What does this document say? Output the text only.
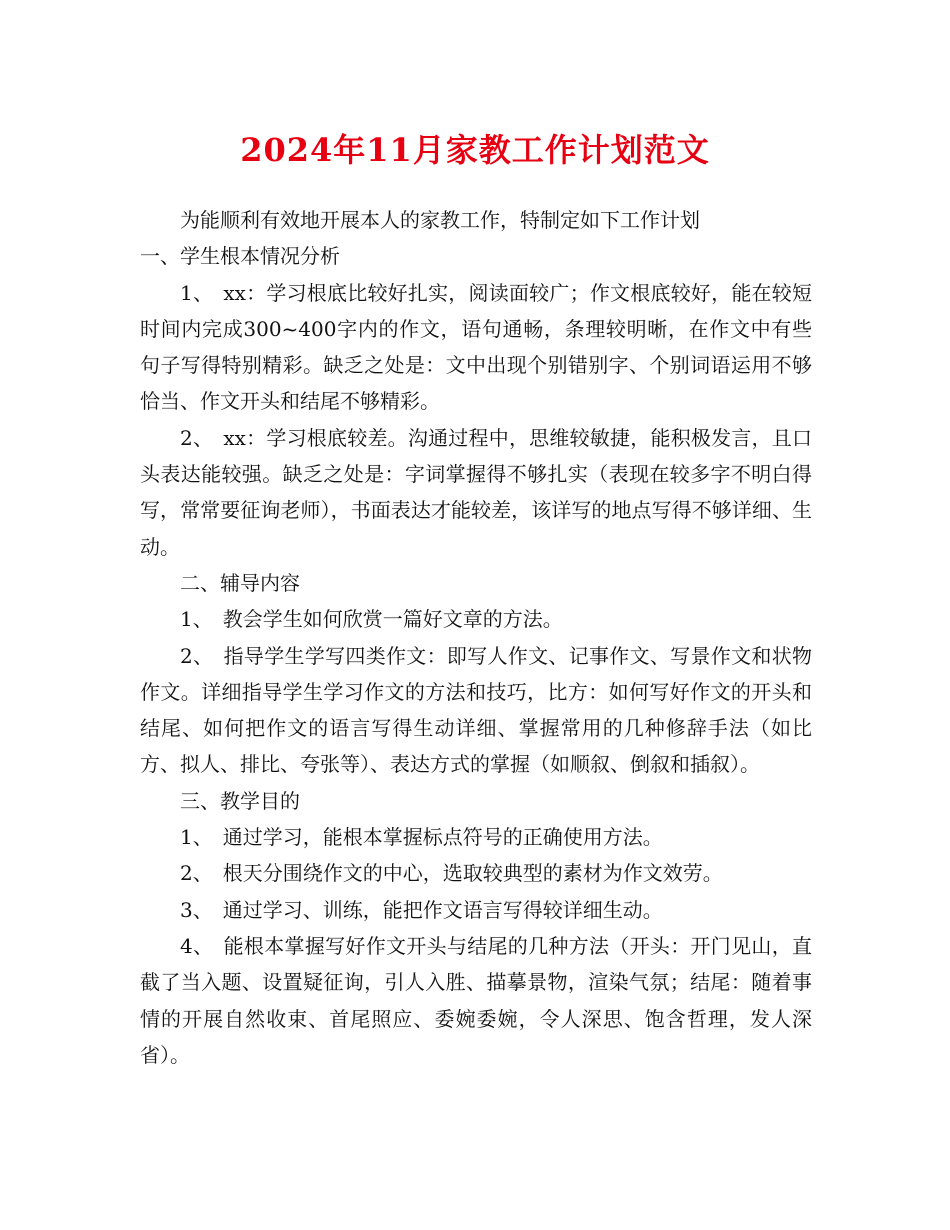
2024年11月家教工作计划范文

为能顺利有效地开展本人的家教工作，特制定如下工作计划

一、学生根本情况分析

1、　xx：学习根底比较好扎实，阅读面较广；作文根底较好，能在较短时间内完成300~400字内的作文，语句通畅，条理较明晰，在作文中有些句子写得特别精彩。缺乏之处是：文中出现个别错别字、个别词语运用不够恰当、作文开头和结尾不够精彩。

2、　xx：学习根底较差。沟通过程中，思维较敏捷，能积极发言，且口头表达能较强。缺乏之处是：字词掌握得不够扎实（表现在较多字不明白得写，常常要征询老师），书面表达才能较差，该详写的地点写得不够详细、生动。

二、辅导内容

1、　教会学生如何欣赏一篇好文章的方法。

2、　指导学生学写四类作文：即写人作文、记事作文、写景作文和状物作文。详细指导学生学习作文的方法和技巧，比方：如何写好作文的开头和结尾、如何把作文的语言写得生动详细、掌握常用的几种修辞手法（如比方、拟人、排比、夸张等）、表达方式的掌握（如顺叙、倒叙和插叙）。

三、教学目的

1、　通过学习，能根本掌握标点符号的正确使用方法。

2、　根天分围绕作文的中心，选取较典型的素材为作文效劳。

3、　通过学习、训练，能把作文语言写得较详细生动。

4、　能根本掌握写好作文开头与结尾的几种方法（开头：开门见山，直截了当入题、设置疑征询，引人入胜、描摹景物，渲染气氛；结尾：随着事情的开展自然收束、首尾照应、委婉委婉，令人深思、饱含哲理，发人深省）。
